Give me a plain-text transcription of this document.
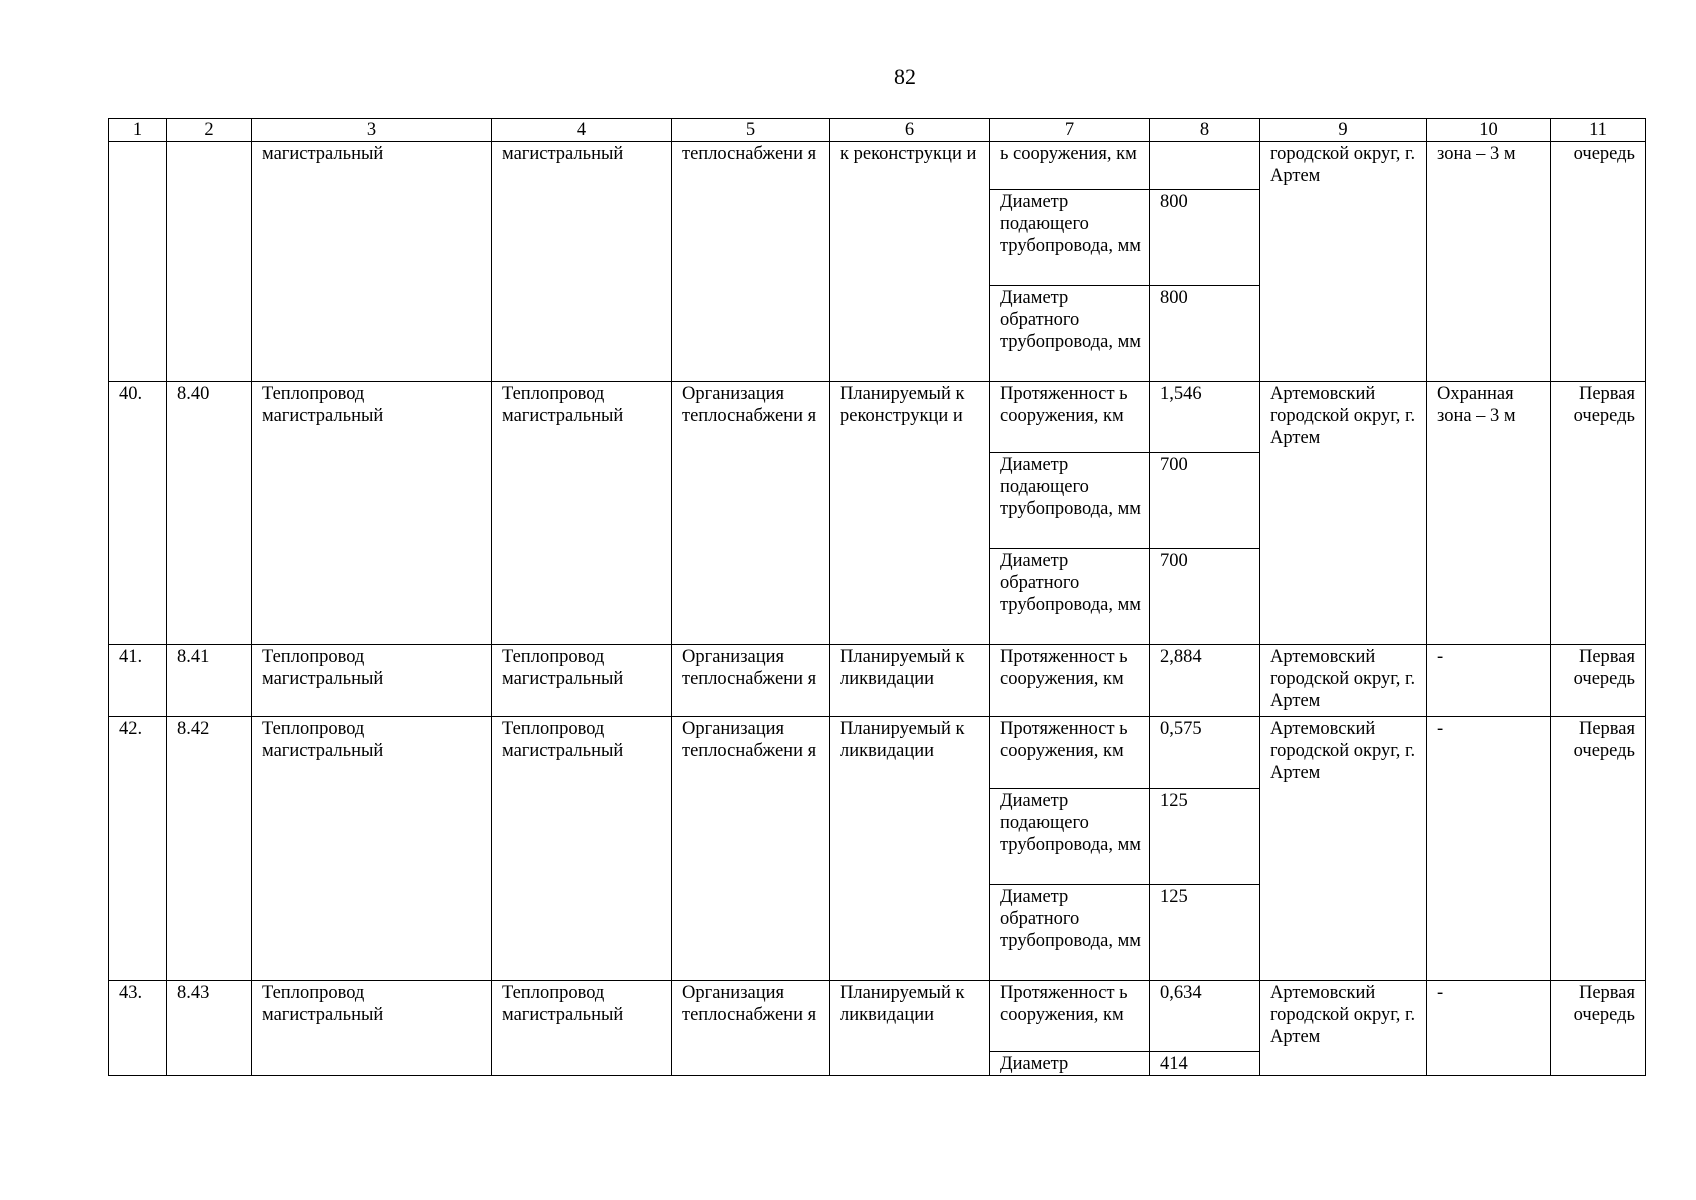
82
1	2	3	4	5	6	7	8	9	10	11
		магистральный	магистральный	теплоснабжени я	к реконструкци и	ь сооружения, км		городской округ, г. Артем	зона – 3 м	очередь
						Диаметр подающего трубопровода, мм	800			
						Диаметр обратного трубопровода, мм	800			
40.	8.40	Теплопровод магистральный	Теплопровод магистральный	Организация теплоснабжени я	Планируемый к реконструкци и	Протяженност ь сооружения, км	1,546	Артемовский городской округ, г. Артем	Охранная зона – 3 м	Первая очередь
						Диаметр подающего трубопровода, мм	700			
						Диаметр обратного трубопровода, мм	700			
41.	8.41	Теплопровод магистральный	Теплопровод магистральный	Организация теплоснабжени я	Планируемый к ликвидации	Протяженност ь сооружения, км	2,884	Артемовский городской округ, г. Артем	-	Первая очередь
42.	8.42	Теплопровод магистральный	Теплопровод магистральный	Организация теплоснабжени я	Планируемый к ликвидации	Протяженност ь сооружения, км	0,575	Артемовский городской округ, г. Артем	-	Первая очередь
						Диаметр подающего трубопровода, мм	125			
						Диаметр обратного трубопровода, мм	125			
43.	8.43	Теплопровод магистральный	Теплопровод магистральный	Организация теплоснабжени я	Планируемый к ликвидации	Протяженност ь сооружения, км	0,634	Артемовский городской округ, г. Артем	-	Первая очередь
						Диаметр	414			
